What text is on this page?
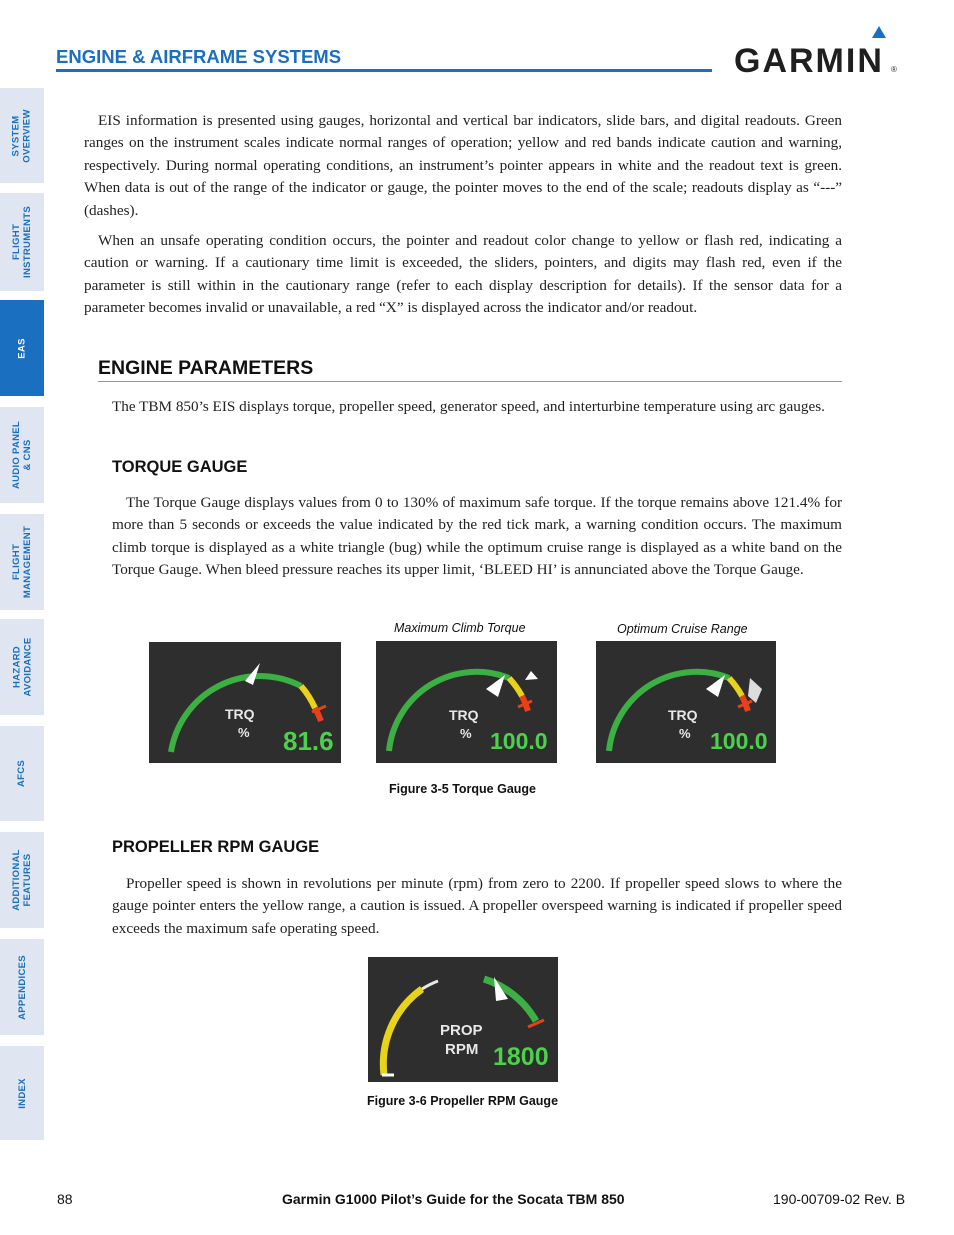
SYSTEM
OVERVIEW
FLIGHT
INSTRUMENTS
EAS
AUDIO PANEL
& CNS
FLIGHT
MANAGEMENT
HAZARD
AVOIDANCE
AFCS
ADDITIONAL
FEATURES
APPENDICES
INDEX
ENGINE & AIRFRAME SYSTEMS	GARMIN ®

EIS information is presented using gauges, horizontal and vertical bar indicators, slide bars, and digital readouts. Green ranges on the instrument scales indicate normal ranges of operation; yellow and red bands indicate caution and warning, respectively. During normal operating conditions, an instrument’s pointer appears in white and the readout text is green. When data is out of the range of the indicator or gauge, the pointer moves to the end of the scale; readouts display as “---” (dashes).

When an unsafe operating condition occurs, the pointer and readout color change to yellow or flash red, indicating a caution or warning. If a cautionary time limit is exceeded, the sliders, pointers, and digits may flash red, even if the parameter is still within in the cautionary range (refer to each display description for details). If the sensor data for a parameter becomes invalid or unavailable, a red “X” is displayed across the indicator and/or readout.

ENGINE PARAMETERS

The TBM 850’s EIS displays torque, propeller speed, generator speed, and interturbine temperature using arc gauges.

TORQUE GAUGE

The Torque Gauge displays values from 0 to 130% of maximum safe torque. If the torque remains above 121.4% for more than 5 seconds or exceeds the value indicated by the red tick mark, a warning condition occurs. The maximum climb torque is displayed as a white triangle (bug) while the optimum cruise range is displayed as a white band on the Torque Gauge. When bleed pressure reaches its upper limit, ‘BLEED HI’ is annunciated above the Torque Gauge.

Maximum Climb Torque	Optimum Cruise Range
TRQ
% 81.6
TRQ
% 100.0
TRQ
% 100.0
Figure 3-5 Torque Gauge
PROPELLER RPM GAUGE

Propeller speed is shown in revolutions per minute (rpm) from zero to 2200. If propeller speed slows to where the gauge pointer enters the yellow range, a caution is issued. A propeller overspeed warning is indicated if propeller speed exceeds the maximum safe operating speed.

PROP
RPM 1800
Figure 3-6 Propeller RPM Gauge
88	Garmin G1000 Pilot’s Guide for the Socata TBM 850	190-00709-02 Rev. B
